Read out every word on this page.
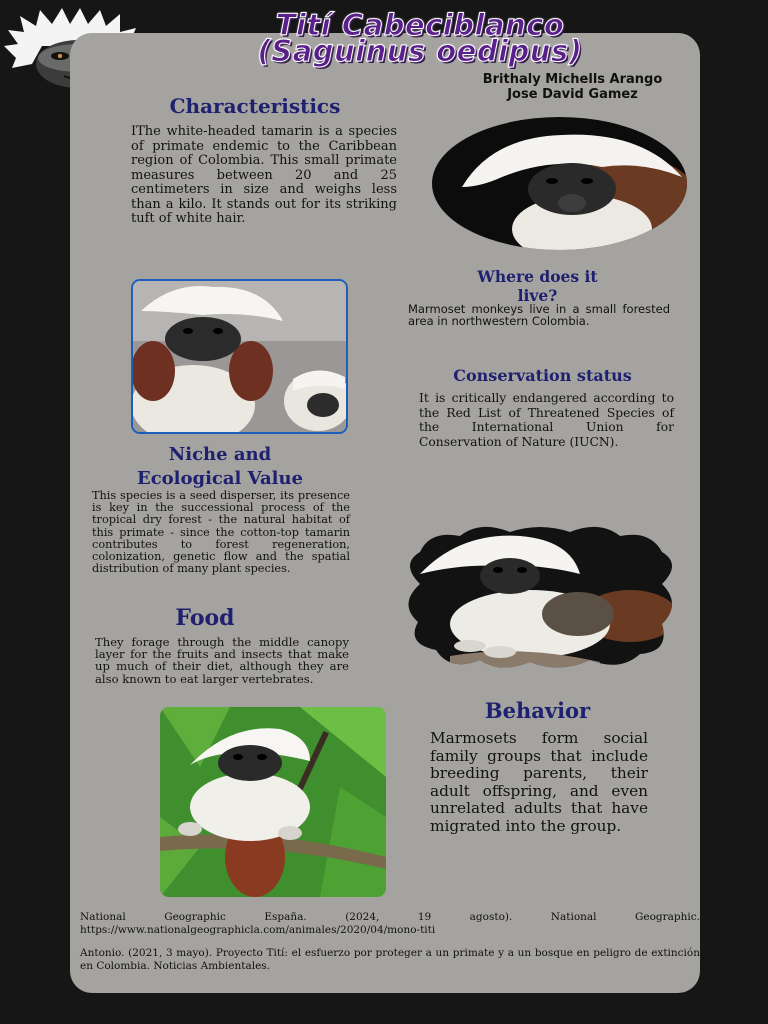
Tití Cabeciblanco
(Saguinus oedipus)
Brithaly Michells Arango
Jose David Gamez
Characteristics
IThe white-headed tamarin is a species of primate endemic to the Caribbean region of Colombia. This small primate measures between 20 and 25 centimeters in size and weighs less than a kilo. It stands out for its striking tuft of white hair.
Where does it live?
Marmoset monkeys live in a small forested area in northwestern Colombia.
Conservation status
It is critically endangered according to the Red List of Threatened Species of the International Union for Conservation of Nature (IUCN).
Niche and
Ecological Value
This species is a seed disperser, its presence is key in the successional process of the tropical dry forest - the natural habitat of this primate - since the cotton-top tamarin contributes to forest regeneration, colonization, genetic flow and the spatial distribution of many plant species.
Food
They forage through the middle canopy layer for the fruits and insects that make up much of their diet, although they are also known to eat larger vertebrates.
Behavior
Marmosets form social family groups that include breeding parents, their adult offspring, and even unrelated adults that have migrated into the group.
National Geographic España. (2024, 19 agosto). National Geographic. https://www.nationalgeographicla.com/animales/2020/04/mono-titi
Antonio. (2021, 3 mayo). Proyecto Tití: el esfuerzo por proteger a un primate y a un bosque en peligro de extinción en Colombia. Noticias Ambientales.
